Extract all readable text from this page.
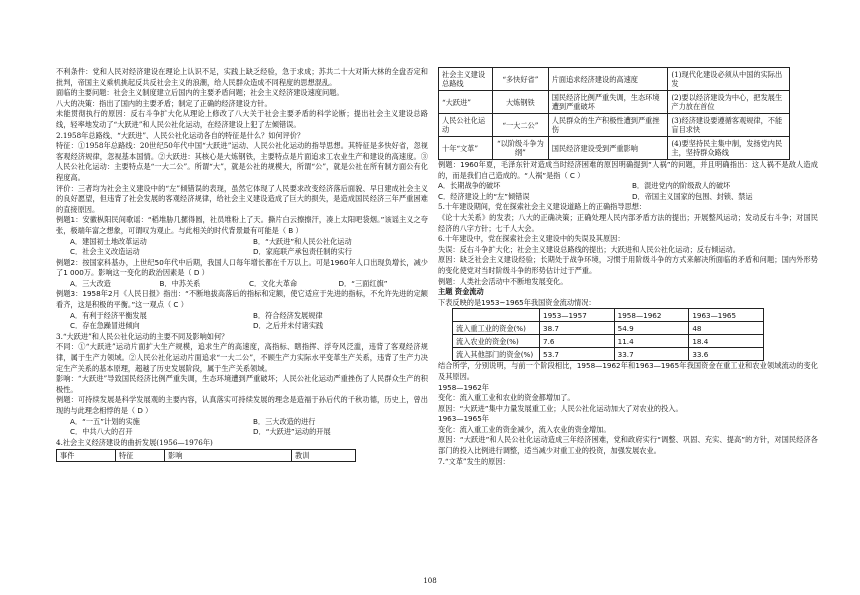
不利条件：党和人民对经济建设在理论上认识不足，实践上缺乏经验，急于求成；苏共二十大对斯大林的全盘否定和批判，帝国主义乘机挑起反共反社会主义的浪潮，给人民群众造成不同程度的思想混乱。

面临的主要问题：社会主义制度建立后国内的主要矛盾问题；社会主义经济建设速度问题。

八大的决策：指出了国内的主要矛盾；制定了正确的经济建设方针。

未能贯彻执行的原因：反右斗争扩大化从理论上修改了八大关于社会主要矛盾的科学论断；提出社会主义建设总路线，轻率地发动了“大跃进”和人民公社化运动，在经济建设上犯了左倾错误。

2.1958年总路线、“大跃进”、人民公社化运动各自的特征是什么？如何评价？

特征：①1958年总路线：20世纪50年代中国“大跃进”运动、人民公社化运动的指导思想。其特征是多快好省，忽视客观经济规律，忽视基本国情。②大跃进：其核心是大炼钢铁，主要特点是片面追求工农业生产和建设的高速度。③人民公社化运动：主要特点是“一大二公”。所谓“大”，就是公社的规模大，所谓“公”，就是公社在所有制方面公有化程度高。

评价：三者均为社会主义建设中的“左”倾错误的表现，虽然它体现了人民要求改变经济落后面貌、早日建成社会主义的良好愿望，但违背了社会发展的客观经济规律，给社会主义建设造成了巨大的损失，是造成国民经济三年严重困难的直接原因。

例题1：安徽枞阳民间歌谣：“稻堆胁几摞得圆，社员堆粉上了天。撕片白云擦擦汗，凑上太阳吧袋烟。”该谣主义之夸张，极端年富之想象，可谓叹为观止。与此相关的时代背景最有可能是（ B ）

A．建国初土地改革运动	B．“大跃进”和人民公社化运动
C．社会主义改造运动	D．家庭联产承包责任制的实行

例题2：按国家科基办，上世纪50年代中后期，我国人口每年增长都在千万以上。可是1960年人口出现负增长，减少了1 000万。影响这一变化的政治因素是（ D ）

A．三大改造	B．中苏关系	C．文化大革命	D．“三面红旗”

例题3：1958年2月《人民日报》指出：“不断地拔高落后的指标和定额，使它适应于先进的指标，不允许先进的定额看齐，这是积极的平衡。”这一观点（ C ）

A．有利于经济平衡发展	B．符合经济发展规律
C．存在急躁冒进倾向	D．之后并未付诸实践

3.“大跃进”和人民公社化运动的主要不同及影响如何？

不同：①“大跃进”运动片面扩大生产规模，追求生产的高速度，高指标、瞎指挥、浮夸风泛滥，违背了客观经济规律，属于生产力领域。②人民公社化运动片面追求“一大二公”，不顾生产力实际水平变革生产关系，违背了生产力决定生产关系的基本原理，超越了历史发展阶段，属于生产关系领域。

影响：“大跃进”导致国民经济比例严重失调，生态环境遭到严重破坏；人民公社化运动严重挫伤了人民群众生产的积极性。

例题：可持续发展是科学发展观的主要内容，认真落实可持续发展的理念是造福于孙后代的千秋功德，历史上，曾出现的与此理念相悖的是（ D ）

A．“一五”计划的实施	B．三大改造的进行
C．中共八大的召开	D．“大跃进”运动的开展

4.社会主义经济建设的曲折发展(1956—1976年)

事件	特征	影响	教训
社会主义建设总路线	“多快好省”	片面追求经济建设的高速度	(1)现代化建设必须从中国的实际出发
“大跃进”	大炼钢铁	国民经济比例严重失调，生态环境遭到严重破坏	(2)要以经济建设为中心，把发展生产力放在首位
人民公社化运动	“一大二公”	人民群众的生产积极性遭到严重挫伤	(3)经济建设要遵循客观规律，不能盲目求快
十年“文革”	“以阶级斗争为纲”	国民经济建设受到严重影响	(4)要坚持民主集中制，发扬党内民主，坚持群众路线

例题：1960年夏，毛泽东针对造成当时经济困难的原因明确提到“人祸”的问题，并且明确指出：这人祸不是敌人造成的，而是我们自己造成的。“人祸”是指（ C ）

A．长期战争的破坏	B．混进党内的阶级敌人的破坏
C．经济建设上的“左”倾错误	D．帝国主义国家的包围、封锁、禁运

5.十年建设期间，党在探索社会主义建设道路上的正确指导思想：

《论十大关系》的发表；八大的正确决策；正确处理人民内部矛盾方法的提出；开展整风运动；发动反右斗争；对国民经济的八字方针；七千人大会。

6.十年建设中，党在探索社会主义建设中的失误及其原因：

失误：反右斗争扩大化；社会主义建设总路线的提出；大跃进和人民公社化运动；反右倾运动。

原因：缺乏社会主义建设经验；长期处于战争环境，习惯于用阶级斗争的方式来解决所面临的矛盾和问题；国内外形势的变化使党对当时阶级斗争的形势估计过于严重。

例题：人类社会活动中不断地发展变化。

主题 资金流动

下表反映的是1953~1965年我国资金流动情况：

	1953—1957	1958—1962	1963—1965
流入重工业的资金(%)	38.7	54.9	48
流入农业的资金(%)	7.6	11.4	18.4
流入其他部门的资金(%)	53.7	33.7	33.6

结合所学，分别说明，与前一个阶段相比，1958—1962年和1963—1965年我国资金在重工业和农业领域流动的变化及其原因。

1958—1962年

变化：流入重工业和农业的资金都增加了。

原因：“大跃进”集中力量发展重工业；人民公社化运动加大了对农业的投入。

1963—1965年

变化：流入重工业的资金减少，流入农业的资金增加。

原因：“大跃进”和人民公社化运动造成三年经济困难，党和政府实行“调整、巩固、充实、提高”的方针，对国民经济各部门的投入比例进行调整，适当减少对重工业的投资，加强发展农业。

7.“文革”发生的原因：

108
